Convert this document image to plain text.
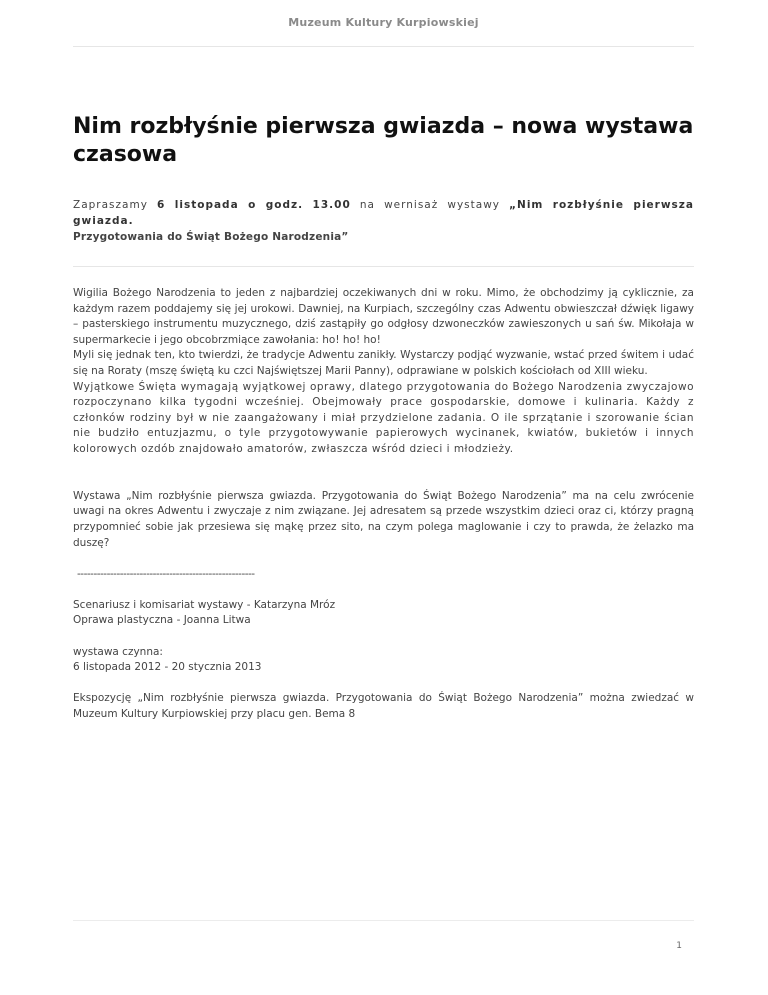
Muzeum Kultury Kurpiowskiej
Nim rozbłyśnie pierwsza gwiazda – nowa wystawa czasowa

Zapraszamy 6 listopada o godz. 13.00 na wernisaż wystawy „Nim rozbłyśnie pierwsza gwiazda.
Przygotowania do Świąt Bożego Narodzenia”

Wigilia Bożego Narodzenia to jeden z najbardziej oczekiwanych dni w roku. Mimo, że obchodzimy ją cyklicznie, za każdym razem poddajemy się jej urokowi. Dawniej, na Kurpiach, szczególny czas Adwentu obwieszczał dźwięk ligawy – pasterskiego instrumentu muzycznego, dziś zastąpiły go odgłosy dzwoneczków zawieszonych u sań św. Mikołaja w supermarkecie i jego obcobrzmiące zawołania: ho! ho! ho!

Myli się jednak ten, kto twierdzi, że tradycje Adwentu zanikły. Wystarczy podjąć wyzwanie, wstać przed świtem i udać się na Roraty (mszę świętą ku czci Najświętszej Marii Panny), odprawiane w polskich kościołach od XIII wieku.

Wyjątkowe Święta wymagają wyjątkowej oprawy, dlatego przygotowania do Bożego Narodzenia zwyczajowo rozpoczynano kilka tygodni wcześniej. Obejmowały prace gospodarskie, domowe i kulinaria. Każdy z członków rodziny był w nie zaangażowany i miał przydzielone zadania. O ile sprzątanie i szorowanie ścian nie budziło entuzjazmu, o tyle przygotowywanie papierowych wycinanek, kwiatów, bukietów i innych kolorowych ozdób znajdowało amatorów, zwłaszcza wśród dzieci i młodzieży.

Wystawa „Nim rozbłyśnie pierwsza gwiazda. Przygotowania do Świąt Bożego Narodzenia” ma na celu zwrócenie uwagi na okres Adwentu i zwyczaje z nim związane. Jej adresatem są przede wszystkim dzieci oraz ci, którzy pragną przypomnieć sobie jak przesiewa się mąkę przez sito, na czym polega maglowanie i czy to prawda, że żelazko ma duszę?

------------------------------------------------------

Scenariusz i komisariat wystawy - Katarzyna Mróz

Oprawa plastyczna - Joanna Litwa

wystawa czynna:

6 listopada 2012 - 20 stycznia 2013

Ekspozycję „Nim rozbłyśnie pierwsza gwiazda. Przygotowania do Świąt Bożego Narodzenia” można zwiedzać w Muzeum Kultury Kurpiowskiej przy placu gen. Bema 8

1
